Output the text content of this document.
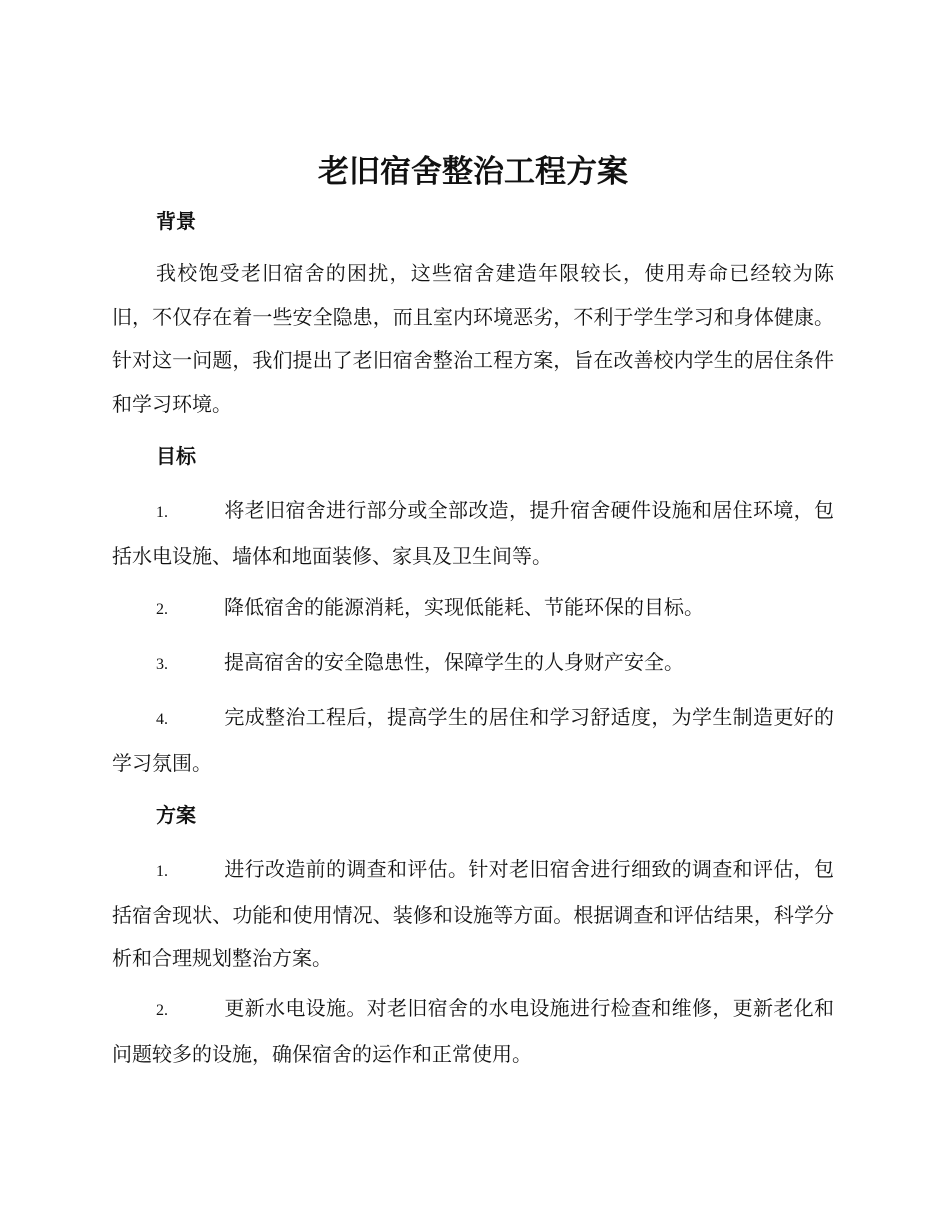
老旧宿舍整治工程方案
背景

我校饱受老旧宿舍的困扰，这些宿舍建造年限较长，使用寿命已经较为陈旧，不仅存在着一些安全隐患，而且室内环境恶劣，不利于学生学习和身体健康。针对这一问题，我们提出了老旧宿舍整治工程方案，旨在改善校内学生的居住条件和学习环境。

目标

1.	将老旧宿舍进行部分或全部改造，提升宿舍硬件设施和居住环境，包括水电设施、墙体和地面装修、家具及卫生间等。

2.	降低宿舍的能源消耗，实现低能耗、节能环保的目标。

3.	提高宿舍的安全隐患性，保障学生的人身财产安全。

4.	完成整治工程后，提高学生的居住和学习舒适度，为学生制造更好的学习氛围。

方案

1.	进行改造前的调查和评估。针对老旧宿舍进行细致的调查和评估，包括宿舍现状、功能和使用情况、装修和设施等方面。根据调查和评估结果，科学分析和合理规划整治方案。

2.	更新水电设施。对老旧宿舍的水电设施进行检查和维修，更新老化和问题较多的设施，确保宿舍的运作和正常使用。
